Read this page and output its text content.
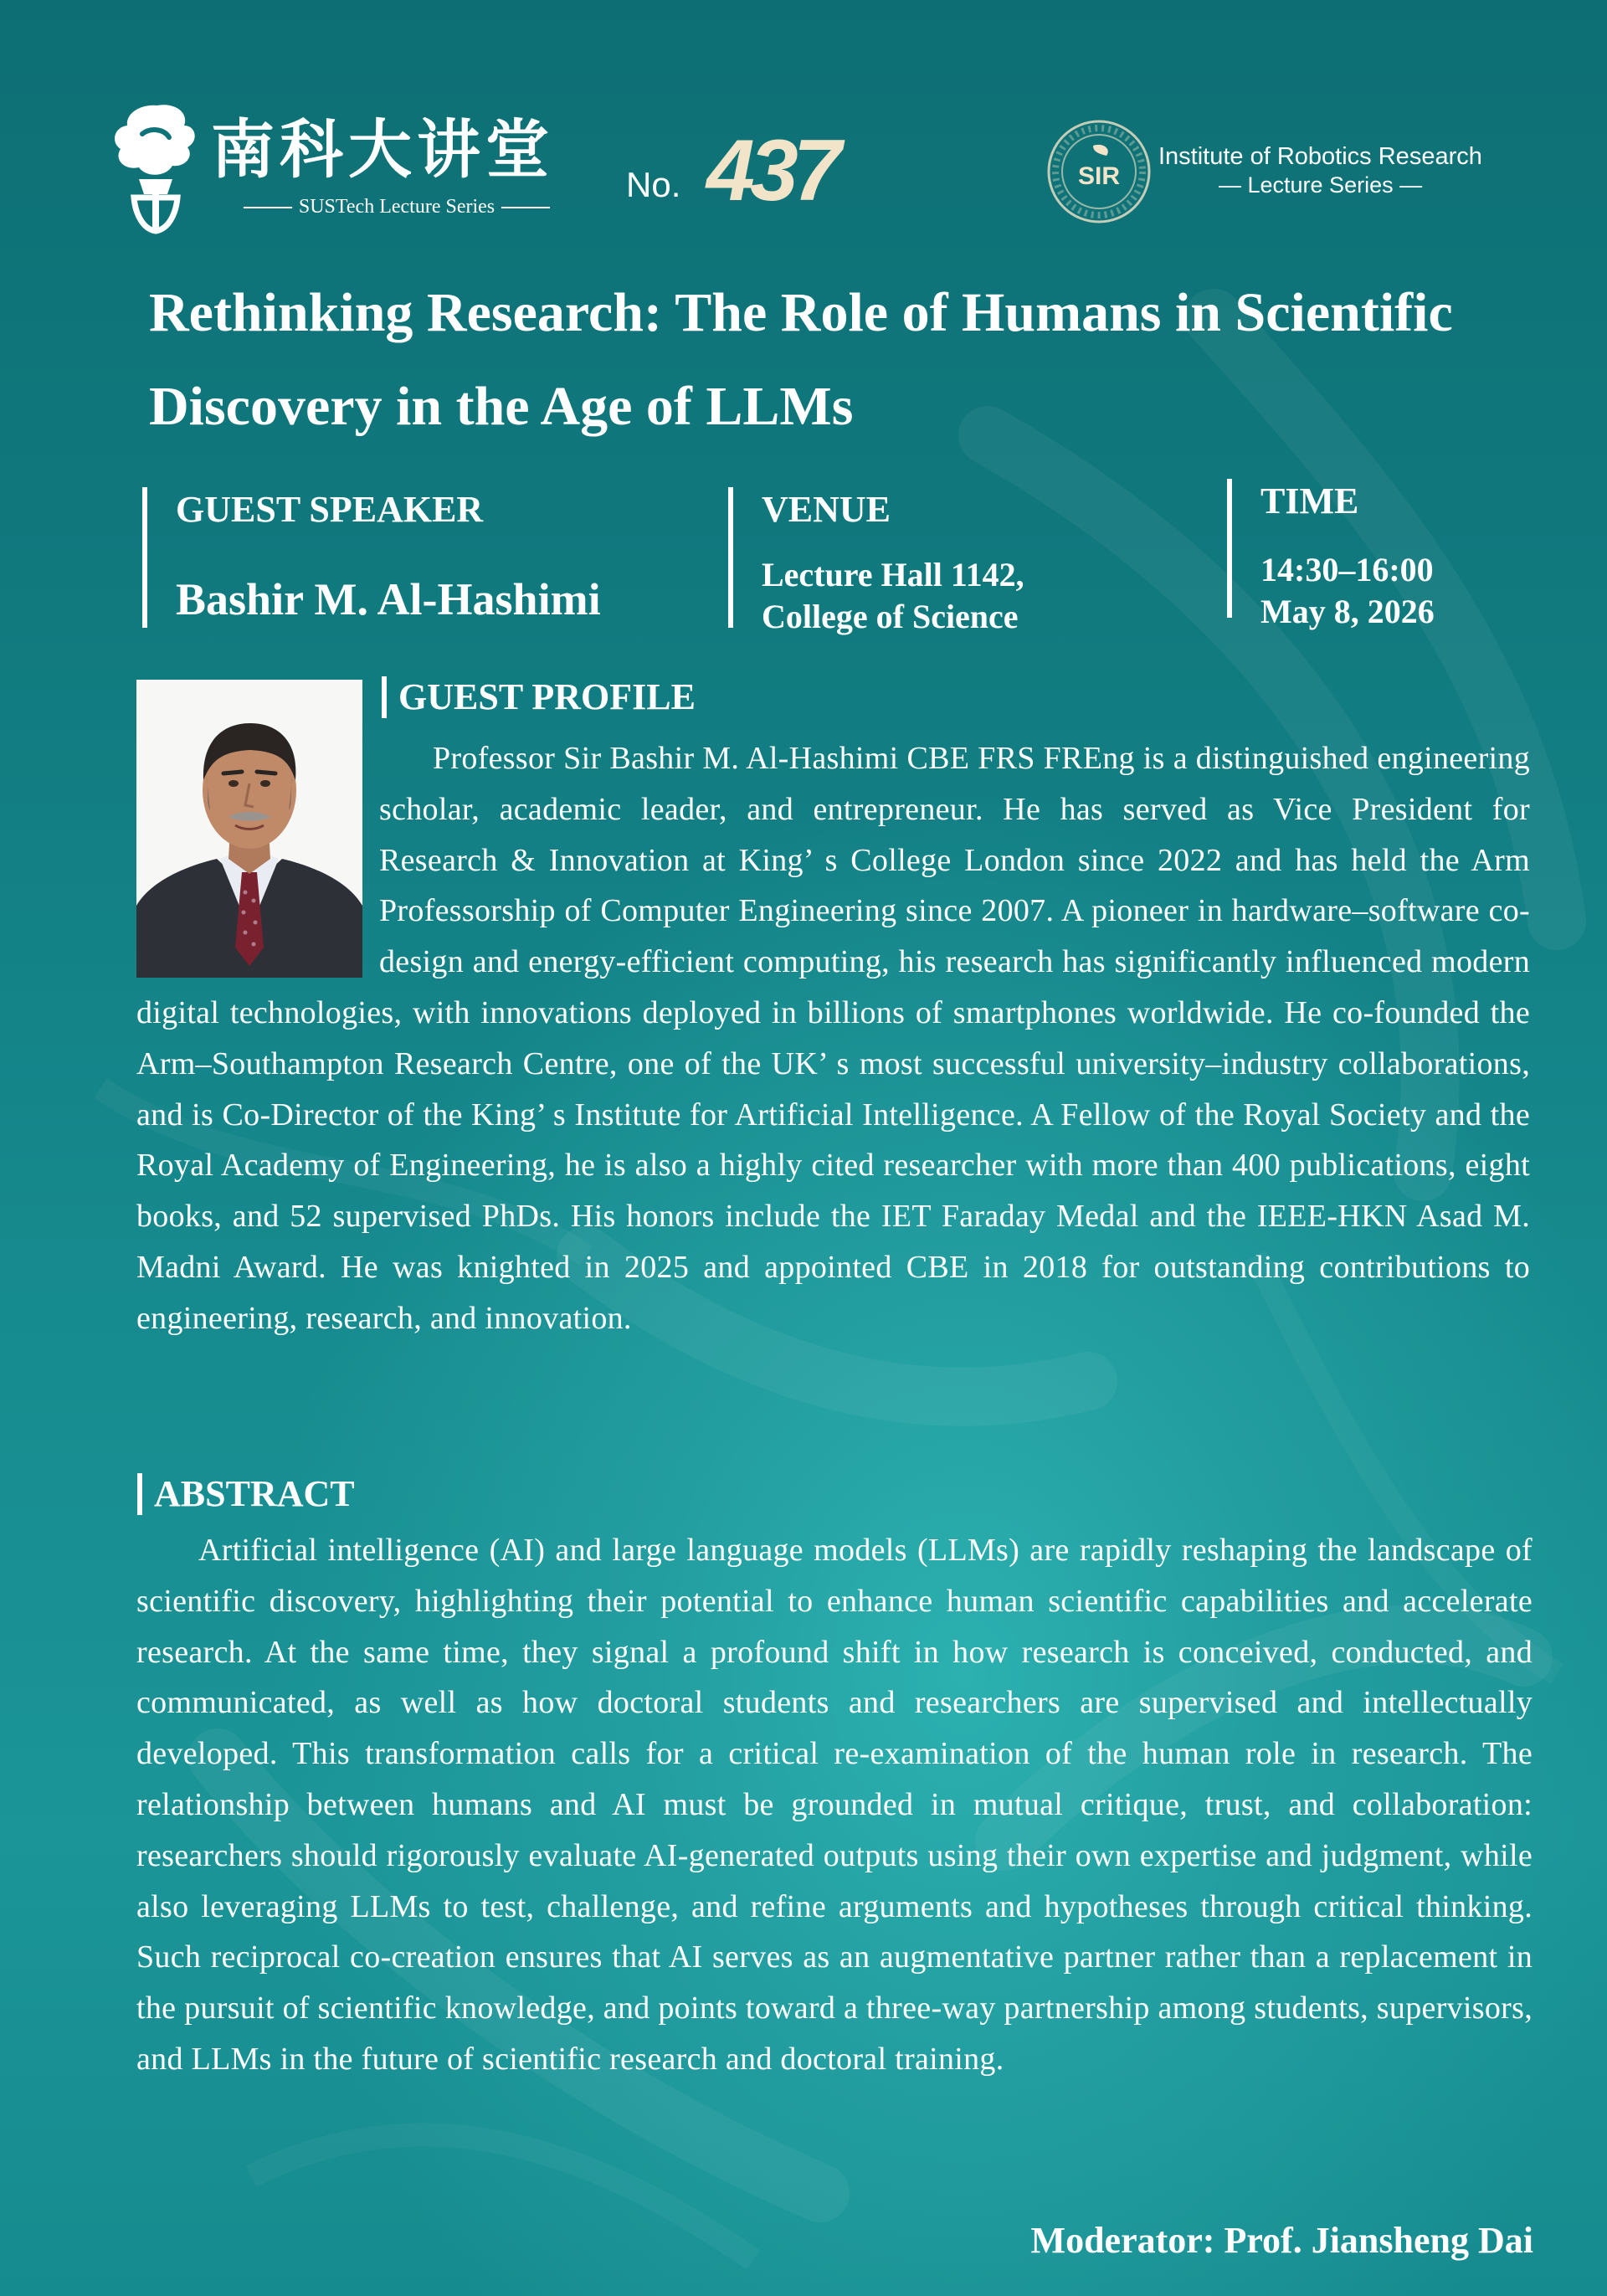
南科大讲堂
SUSTech Lecture Series
No. 437	SIR
Institute of Robotics Research
— Lecture Series —
Rethinking Research: The Role of Humans in Scientific Discovery in the Age of LLMs
GUEST SPEAKER
Bashir M. Al-Hashimi
VENUE
Lecture Hall 1142,
College of Science
TIME
14:30–16:00
May 8, 2026
GUEST PROFILE

Professor Sir Bashir M. Al-Hashimi CBE FRS FREng is a distinguished engineering scholar, academic leader, and entrepreneur. He has served as Vice President for Research & Innovation at King’ s College London since 2022 and has held the Arm Professorship of Computer Engineering since 2007. A pioneer in hardware–software co-design and energy-efficient computing, his research has significantly influenced modern digital technologies, with innovations deployed in billions of smartphones worldwide. He co-founded the Arm–Southampton Research Centre, one of the UK’ s most successful university–industry collaborations, and is Co-Director of the King’ s Institute for Artificial Intelligence. A Fellow of the Royal Society and the Royal Academy of Engineering, he is also a highly cited researcher with more than 400 publications, eight books, and 52 supervised PhDs. His honors include the IET Faraday Medal and the IEEE-HKN Asad M. Madni Award. He was knighted in 2025 and appointed CBE in 2018 for outstanding contributions to engineering, research, and innovation.

ABSTRACT
Artificial intelligence (AI) and large language models (LLMs) are rapidly reshaping the landscape of scientific discovery, highlighting their potential to enhance human scientific capabilities and accelerate research. At the same time, they signal a profound shift in how research is conceived, conducted, and communicated, as well as how doctoral students and researchers are supervised and intellectually developed. This transformation calls for a critical re-examination of the human role in research. The relationship between humans and AI must be grounded in mutual critique, trust, and collaboration: researchers should rigorously evaluate AI-generated outputs using their own expertise and judgment, while also leveraging LLMs to test, challenge, and refine arguments and hypotheses through critical thinking. Such reciprocal co-creation ensures that AI serves as an augmentative partner rather than a replacement in the pursuit of scientific knowledge, and points toward a three-way partnership among students, supervisors, and LLMs in the future of scientific research and doctoral training.
Moderator: Prof. Jiansheng Dai
